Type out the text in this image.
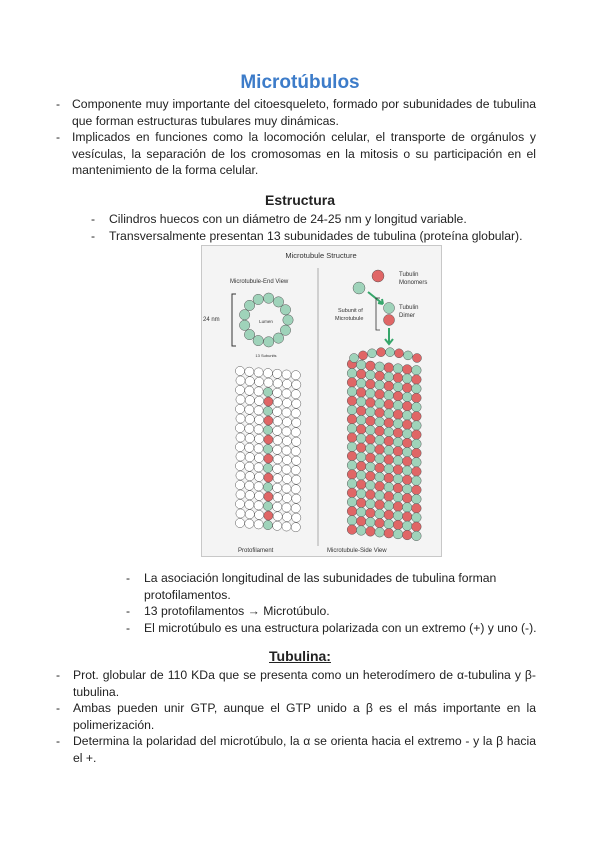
Microtúbulos
- Componente muy importante del citoesqueleto, formado por subunidades de tubulina que forman estructuras tubulares muy dinámicas.
- Implicados en funciones como la locomoción celular, el transporte de orgánulos y vesículas, la separación de los cromosomas en la mitosis o su participación en el mantenimiento de la forma celular.
Estructura
- Cilindros huecos con un diámetro de 24-25 nm y longitud variable.
- Transversalmente presentan 13 subunidades de tubulina (proteína globular).
Microtubule Structure
Microtubule-End View
24 nm	Lumen
13 Subunits
Protofilament
Tubulin
Monomers
Tubulin
Dimer
Subunit of
Microtubule
Microtubule-Side View
- La asociación longitudinal de las subunidades de tubulina forman protofilamentos.
- 13 protofilamentos → Microtúbulo.
- El microtúbulo es una estructura polarizada con un extremo (+) y uno (-).
Tubulina:
- Prot. globular de 110 KDa que se presenta como un heterodímero de α-tubulina y β-tubulina.
- Ambas pueden unir GTP, aunque el GTP unido a β es el más importante en la polimerización.
- Determina la polaridad del microtúbulo, la α se orienta hacia el extremo - y la β hacia el +.
